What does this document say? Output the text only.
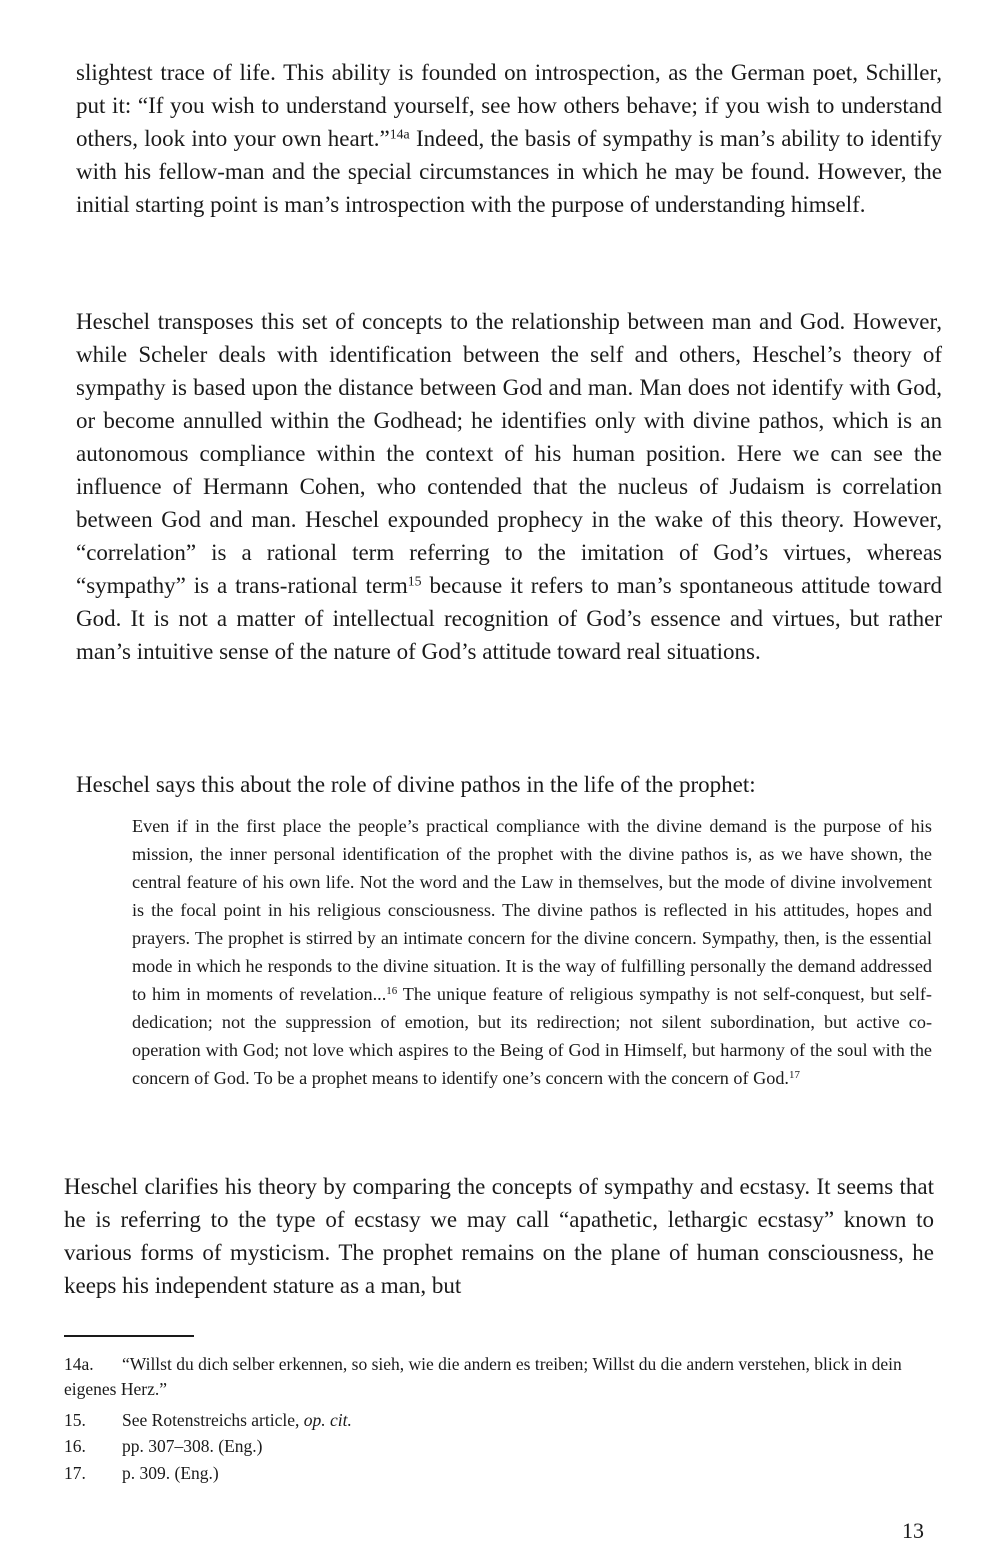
slightest trace of life. This ability is founded on introspection, as the German poet, Schiller, put it: “If you wish to understand yourself, see how others behave; if you wish to understand others, look into your own heart.”$^{14a}$ Indeed, the basis of sympathy is man’s ability to identify with his fellow-man and the special circumstances in which he may be found. However, the initial starting point is man’s introspection with the purpose of understanding himself.

Heschel transposes this set of concepts to the relationship between man and God. However, while Scheler deals with identification between the self and others, Heschel’s theory of sympathy is based upon the distance between God and man. Man does not identify with God, or become annulled within the Godhead; he identifies only with divine pathos, which is an autonomous compliance within the context of his human position. Here we can see the influence of Hermann Cohen, who contended that the nucleus of Judaism is correlation between God and man. Heschel expounded prophecy in the wake of this theory. However, “correlation” is a rational term referring to the imitation of God’s virtues, whereas “sympathy” is a trans-rational term$^{15}$ because it refers to man’s spontaneous attitude toward God. It is not a matter of intellectual recognition of God’s essence and virtues, but rather man’s intuitive sense of the nature of God’s attitude toward real situations.

Heschel says this about the role of divine pathos in the life of the prophet:

Even if in the first place the people’s practical compliance with the divine demand is the purpose of his mission, the inner personal identification of the prophet with the divine pathos is, as we have shown, the central feature of his own life. Not the word and the Law in themselves, but the mode of divine involvement is the focal point in his religious consciousness. The divine pathos is reflected in his attitudes, hopes and prayers. The prophet is stirred by an intimate concern for the divine concern. Sympathy, then, is the essential mode in which he responds to the divine situation. It is the way of fulfilling personally the demand addressed to him in moments of revelation...$^{16}$ The unique feature of religious sympathy is not self-conquest, but self-dedication; not the suppression of emotion, but its redirection; not silent subordination, but active co-operation with God; not love which aspires to the Being of God in Himself, but harmony of the soul with the concern of God. To be a prophet means to identify one’s concern with the concern of God.$^{17}$

Heschel clarifies his theory by comparing the concepts of sympathy and ecstasy. It seems that he is referring to the type of ecstasy we may call “apathetic, lethargic ecstasy” known to various forms of mysticism. The prophet remains on the plane of human consciousness, he keeps his independent stature as a man, but

14a. “Willst du dich selber erkennen, so sieh, wie die andern es treiben; Willst du die andern verstehen, blick in dein eigenes Herz.”

15. See Rotenstreichs article, op. cit.

16. pp. 307–308. (Eng.)

17. p. 309. (Eng.)

13
